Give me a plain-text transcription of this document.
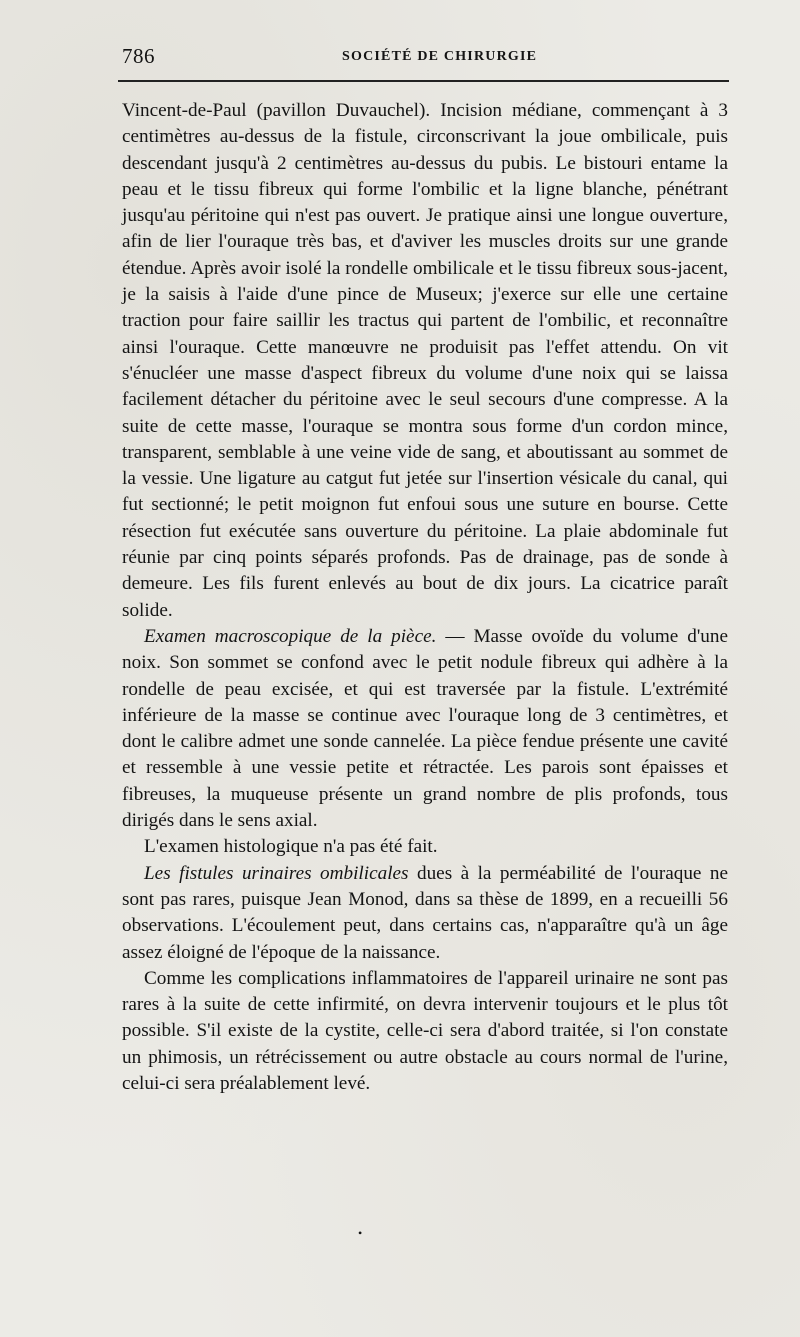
786	SOCIÉTÉ DE CHIRURGIE

Vincent-de-Paul (pavillon Duvauchel). Incision médiane, commençant à 3 centimètres au-dessus de la fistule, circonscrivant la joue ombilicale, puis descendant jusqu'à 2 centimètres au-dessus du pubis. Le bistouri entame la peau et le tissu fibreux qui forme l'ombilic et la ligne blanche, pénétrant jusqu'au péritoine qui n'est pas ouvert. Je pratique ainsi une longue ouverture, afin de lier l'ouraque très bas, et d'aviver les muscles droits sur une grande étendue. Après avoir isolé la rondelle ombilicale et le tissu fibreux sous-jacent, je la saisis à l'aide d'une pince de Museux; j'exerce sur elle une certaine traction pour faire saillir les tractus qui partent de l'ombilic, et reconnaître ainsi l'ouraque. Cette manœuvre ne produisit pas l'effet attendu. On vit s'énucléer une masse d'aspect fibreux du volume d'une noix qui se laissa facilement détacher du péritoine avec le seul secours d'une compresse. A la suite de cette masse, l'ouraque se montra sous forme d'un cordon mince, transparent, semblable à une veine vide de sang, et aboutissant au sommet de la vessie. Une ligature au catgut fut jetée sur l'insertion vésicale du canal, qui fut sectionné; le petit moignon fut enfoui sous une suture en bourse. Cette résection fut exécutée sans ouverture du péritoine. La plaie abdominale fut réunie par cinq points séparés profonds. Pas de drainage, pas de sonde à demeure. Les fils furent enlevés au bout de dix jours. La cicatrice paraît solide.

Examen macroscopique de la pièce. — Masse ovoïde du volume d'une noix. Son sommet se confond avec le petit nodule fibreux qui adhère à la rondelle de peau excisée, et qui est traversée par la fistule. L'extrémité inférieure de la masse se continue avec l'ouraque long de 3 centimètres, et dont le calibre admet une sonde cannelée. La pièce fendue présente une cavité et ressemble à une vessie petite et rétractée. Les parois sont épaisses et fibreuses, la muqueuse présente un grand nombre de plis profonds, tous dirigés dans le sens axial.

L'examen histologique n'a pas été fait.

Les fistules urinaires ombilicales dues à la perméabilité de l'ouraque ne sont pas rares, puisque Jean Monod, dans sa thèse de 1899, en a recueilli 56 observations. L'écoulement peut, dans certains cas, n'apparaître qu'à un âge assez éloigné de l'époque de la naissance.

Comme les complications inflammatoires de l'appareil urinaire ne sont pas rares à la suite de cette infirmité, on devra intervenir toujours et le plus tôt possible. S'il existe de la cystite, celle-ci sera d'abord traitée, si l'on constate un phimosis, un rétrécissement ou autre obstacle au cours normal de l'urine, celui-ci sera préalablement levé.

•
